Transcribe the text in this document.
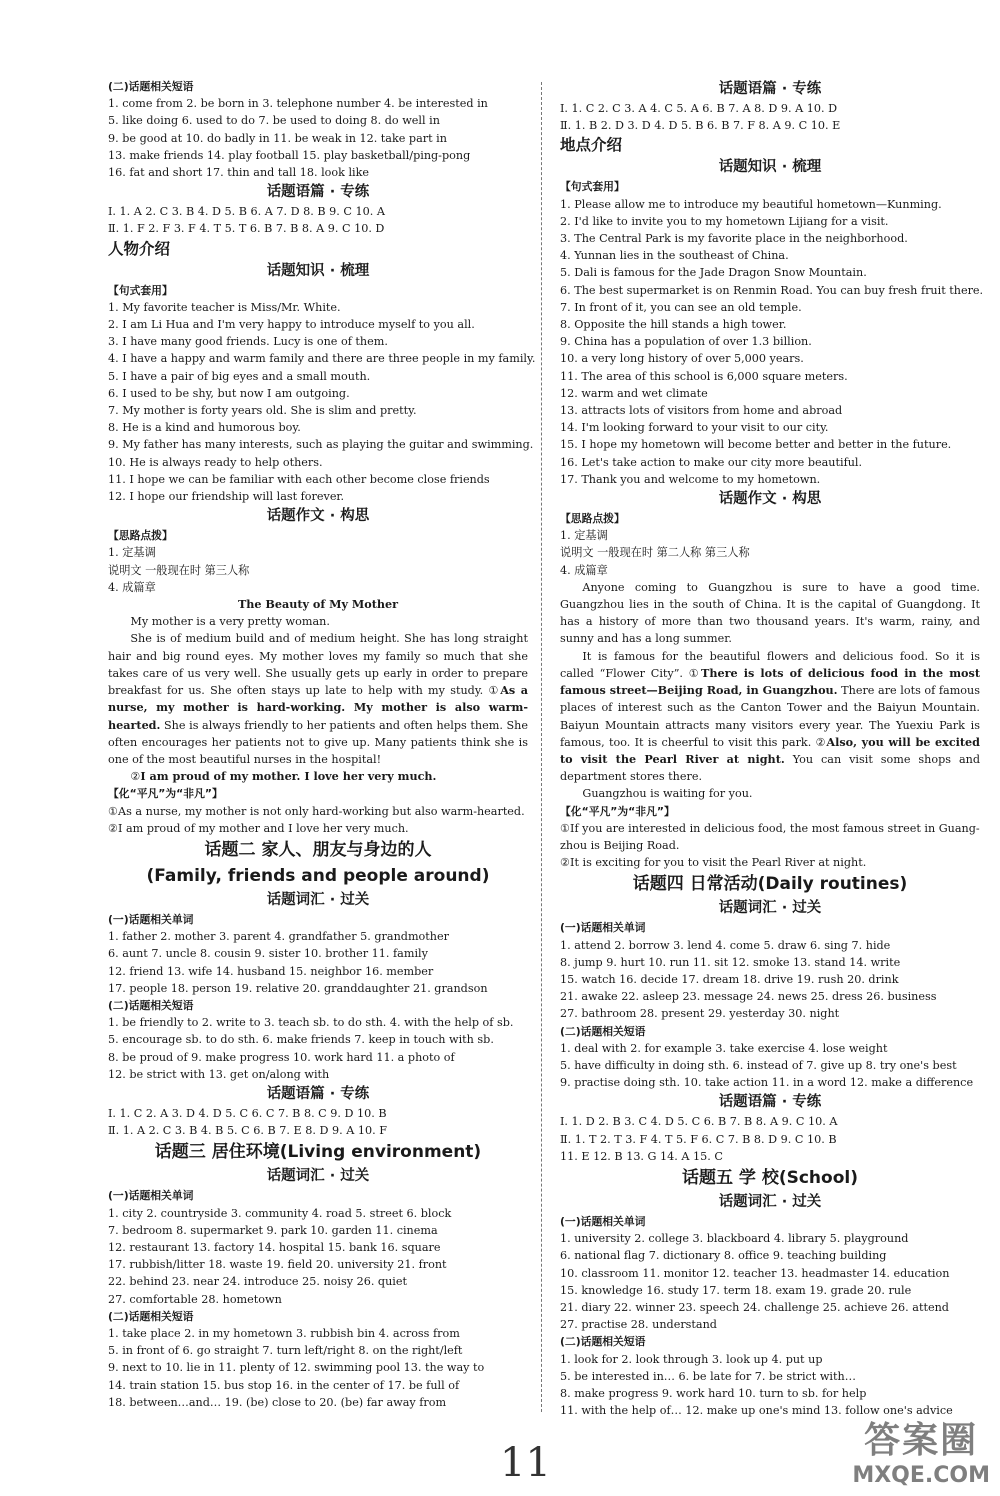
(二)话题相关短语
1. come from 2. be born in 3. telephone number 4. be interested in
5. like doing 6. used to do 7. be used to doing 8. do well in
9. be good at 10. do badly in 11. be weak in 12. take part in
13. make friends 14. play football 15. play basketball/ping-pong
16. fat and short 17. thin and tall 18. look like
话题语篇 · 专练
Ⅰ. 1. A 2. C 3. B 4. D 5. B 6. A 7. D 8. B 9. C 10. A
Ⅱ. 1. F 2. F 3. F 4. T 5. T 6. B 7. B 8. A 9. C 10. D
人物介绍
话题知识 · 梳理
【句式套用】
1. My favorite teacher is Miss/Mr. White.
2. I am Li Hua and I'm very happy to introduce myself to you all.
3. I have many good friends. Lucy is one of them.
4. I have a happy and warm family and there are three people in my family.
5. I have a pair of big eyes and a small mouth.
6. I used to be shy, but now I am outgoing.
7. My mother is forty years old. She is slim and pretty.
8. He is a kind and humorous boy.
9. My father has many interests, such as playing the guitar and swimming.
10. He is always ready to help others.
11. I hope we can be familiar with each other become close friends
12. I hope our friendship will last forever.
话题作文 · 构思
【思路点拨】
1. 定基调
说明文 一般现在时 第三人称
4. 成篇章
The Beauty of My Mother
My mother is a very pretty woman.
She is of medium build and of medium height. She has long straight hair and big round eyes. My mother loves my family so much that she takes care of us very well. She usually gets up early in order to prepare breakfast for us. She often stays up late to help with my study. ①As a nurse, my mother is hard-working. My mother is also warm-hearted. She is always friendly to her patients and often helps them. She often encourages her patients not to give up. Many patients think she is one of the most beautiful nurses in the hospital!
②I am proud of my mother. I love her very much.
【化“平凡”为“非凡”】
①As a nurse, my mother is not only hard-working but also warm-hearted.
②I am proud of my mother and I love her very much.
话题二 家人、朋友与身边的人
(Family, friends and people around)
话题词汇 · 过关
(一)话题相关单词
1. father 2. mother 3. parent 4. grandfather 5. grandmother
6. aunt 7. uncle 8. cousin 9. sister 10. brother 11. family
12. friend 13. wife 14. husband 15. neighbor 16. member
17. people 18. person 19. relative 20. granddaughter 21. grandson
(二)话题相关短语
1. be friendly to 2. write to 3. teach sb. to do sth. 4. with the help of sb.
5. encourage sb. to do sth. 6. make friends 7. keep in touch with sb.
8. be proud of 9. make progress 10. work hard 11. a photo of
12. be strict with 13. get on/along with
话题语篇 · 专练
Ⅰ. 1. C 2. A 3. D 4. D 5. C 6. C 7. B 8. C 9. D 10. B
Ⅱ. 1. A 2. C 3. B 4. B 5. C 6. B 7. E 8. D 9. A 10. F
话题三 居住环境(Living environment)
话题词汇 · 过关
(一)话题相关单词
1. city 2. countryside 3. community 4. road 5. street 6. block
7. bedroom 8. supermarket 9. park 10. garden 11. cinema
12. restaurant 13. factory 14. hospital 15. bank 16. square
17. rubbish/litter 18. waste 19. field 20. university 21. front
22. behind 23. near 24. introduce 25. noisy 26. quiet
27. comfortable 28. hometown
(二)话题相关短语
1. take place 2. in my hometown 3. rubbish bin 4. across from
5. in front of 6. go straight 7. turn left/right 8. on the right/left
9. next to 10. lie in 11. plenty of 12. swimming pool 13. the way to
14. train station 15. bus stop 16. in the center of 17. be full of
18. between…and… 19. (be) close to 20. (be) far away from
话题语篇 · 专练
Ⅰ. 1. C 2. C 3. A 4. C 5. A 6. B 7. A 8. D 9. A 10. D
Ⅱ. 1. B 2. D 3. D 4. D 5. B 6. B 7. F 8. A 9. C 10. E
地点介绍
话题知识 · 梳理
【句式套用】
1. Please allow me to introduce my beautiful hometown—Kunming.
2. I'd like to invite you to my hometown Lijiang for a visit.
3. The Central Park is my favorite place in the neighborhood.
4. Yunnan lies in the southeast of China.
5. Dali is famous for the Jade Dragon Snow Mountain.
6. The best supermarket is on Renmin Road. You can buy fresh fruit there.
7. In front of it, you can see an old temple.
8. Opposite the hill stands a high tower.
9. China has a population of over 1.3 billion.
10. a very long history of over 5,000 years.
11. The area of this school is 6,000 square meters.
12. warm and wet climate
13. attracts lots of visitors from home and abroad
14. I'm looking forward to your visit to our city.
15. I hope my hometown will become better and better in the future.
16. Let's take action to make our city more beautiful.
17. Thank you and welcome to my hometown.
话题作文 · 构思
【思路点拨】
1. 定基调
说明文 一般现在时 第二人称 第三人称
4. 成篇章
Anyone coming to Guangzhou is sure to have a good time. Guangzhou lies in the south of China. It is the capital of Guangdong. It has a history of more than two thousand years. It's warm, rainy, and sunny and has a long summer.
It is famous for the beautiful flowers and delicious food. So it is called “Flower City”. ①There is lots of delicious food in the most famous street—Beijing Road, in Guangzhou. There are lots of famous places of interest such as the Canton Tower and the Baiyun Mountain. Baiyun Mountain attracts many visitors every year. The Yuexiu Park is famous, too. It is cheerful to visit this park. ②Also, you will be excited to visit the Pearl River at night. You can visit some shops and department stores there.
Guangzhou is waiting for you.
【化“平凡”为“非凡”】
①If you are interested in delicious food, the most famous street in Guang-
zhou is Beijing Road.
②It is exciting for you to visit the Pearl River at night.
话题四 日常活动(Daily routines)
话题词汇 · 过关
(一)话题相关单词
1. attend 2. borrow 3. lend 4. come 5. draw 6. sing 7. hide
8. jump 9. hurt 10. run 11. sit 12. smoke 13. stand 14. write
15. watch 16. decide 17. dream 18. drive 19. rush 20. drink
21. awake 22. asleep 23. message 24. news 25. dress 26. business
27. bathroom 28. present 29. yesterday 30. night
(二)话题相关短语
1. deal with 2. for example 3. take exercise 4. lose weight
5. have difficulty in doing sth. 6. instead of 7. give up 8. try one's best
9. practise doing sth. 10. take action 11. in a word 12. make a difference
话题语篇 · 专练
Ⅰ. 1. D 2. B 3. C 4. D 5. C 6. B 7. B 8. A 9. C 10. A
Ⅱ. 1. T 2. T 3. F 4. T 5. F 6. C 7. B 8. D 9. C 10. B
11. E 12. B 13. G 14. A 15. C
话题五 学 校(School)
话题词汇 · 过关
(一)话题相关单词
1. university 2. college 3. blackboard 4. library 5. playground
6. national flag 7. dictionary 8. office 9. teaching building
10. classroom 11. monitor 12. teacher 13. headmaster 14. education
15. knowledge 16. study 17. term 18. exam 19. grade 20. rule
21. diary 22. winner 23. speech 24. challenge 25. achieve 26. attend
27. practise 28. understand
(二)话题相关短语
1. look for 2. look through 3. look up 4. put up
5. be interested in… 6. be late for 7. be strict with…
8. make progress 9. work hard 10. turn to sb. for help
11. with the help of… 12. make up one's mind 13. follow one's advice
11	答案圈
MXQE.COM
